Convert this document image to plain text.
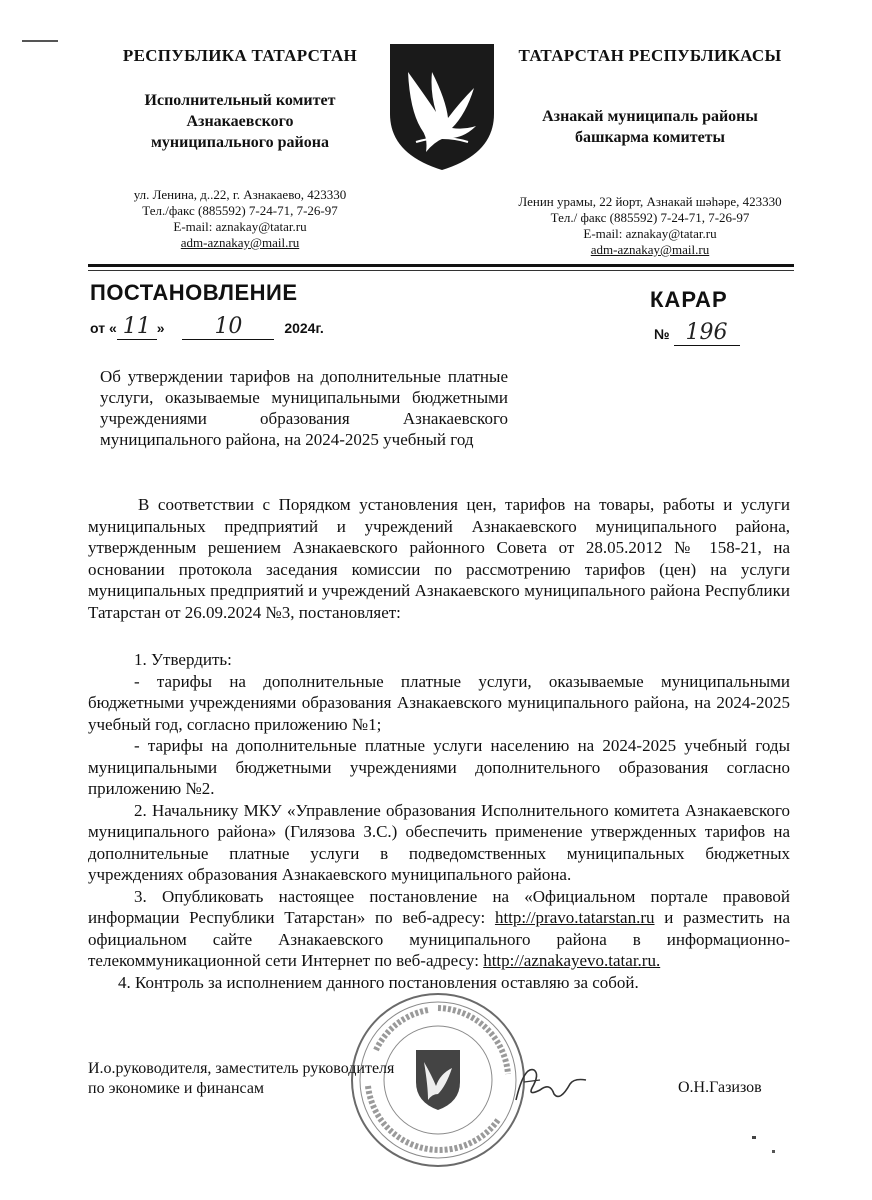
РЕСПУБЛИКА ТАТАРСТАН
Исполнительный комитет
Азнакаевского
муниципального района
ул. Ленина, д..22, г. Азнакаево, 423330
Тел./факс (885592) 7-24-71, 7-26-97
E-mail: aznakay@tatar.ru
adm-aznakay@mail.ru
ТАТАРСТАН РЕСПУБЛИКАСЫ
Азнакай муниципаль районы
башкарма комитеты
Ленин урамы, 22 йорт, Азнакай шәһәре, 423330
Тел./ факс (885592) 7-24-71, 7-26-97
E-mail: aznakay@tatar.ru
adm-aznakay@mail.ru
ПОСТАНОВЛЕНИЕ	КАРАР
от « 11 » 10	2024г.	№ 196
Об утверждении тарифов на дополнительные платные услуги, оказываемые муниципальными бюджетными учреждениями образования Азнакаевского муниципального района, на 2024-2025 учебный год

В соответствии с Порядком установления цен, тарифов на товары, работы и услуги муниципальных предприятий и учреждений Азнакаевского муниципального района, утвержденным решением Азнакаевского районного Совета от 28.05.2012 № 158-21, на основании протокола заседания комиссии по рассмотрению тарифов (цен) на услуги муниципальных предприятий и учреждений Азнакаевского муниципального района Республики Татарстан от 26.09.2024 №3, постановляет:

1. Утвердить:

- тарифы на дополнительные платные услуги, оказываемые муниципальными бюджетными учреждениями образования Азнакаевского муниципального района, на 2024-2025 учебный год, согласно приложению №1;

- тарифы на дополнительные платные услуги населению на 2024-2025 учебный годы муниципальными бюджетными учреждениями дополнительного образования согласно приложению №2.

2. Начальнику МКУ «Управление образования Исполнительного комитета Азнакаевского муниципального района» (Гилязова З.С.) обеспечить применение утвержденных тарифов на дополнительные платные услуги в подведомственных муниципальных бюджетных учреждениях образования Азнакаевского муниципального района.

3. Опубликовать настоящее постановление на «Официальном портале правовой информации Республики Татарстан» по веб-адресу: http://pravo.tatarstan.ru и разместить на официальном сайте Азнакаевского муниципального района в информационно-телекоммуникационной сети Интернет по веб-адресу: http://aznakayevo.tatar.ru.

4. Контроль за исполнением данного постановления оставляю за собой.

И.о.руководителя, заместитель руководителя
по экономике и финансам	О.Н.Газизов
